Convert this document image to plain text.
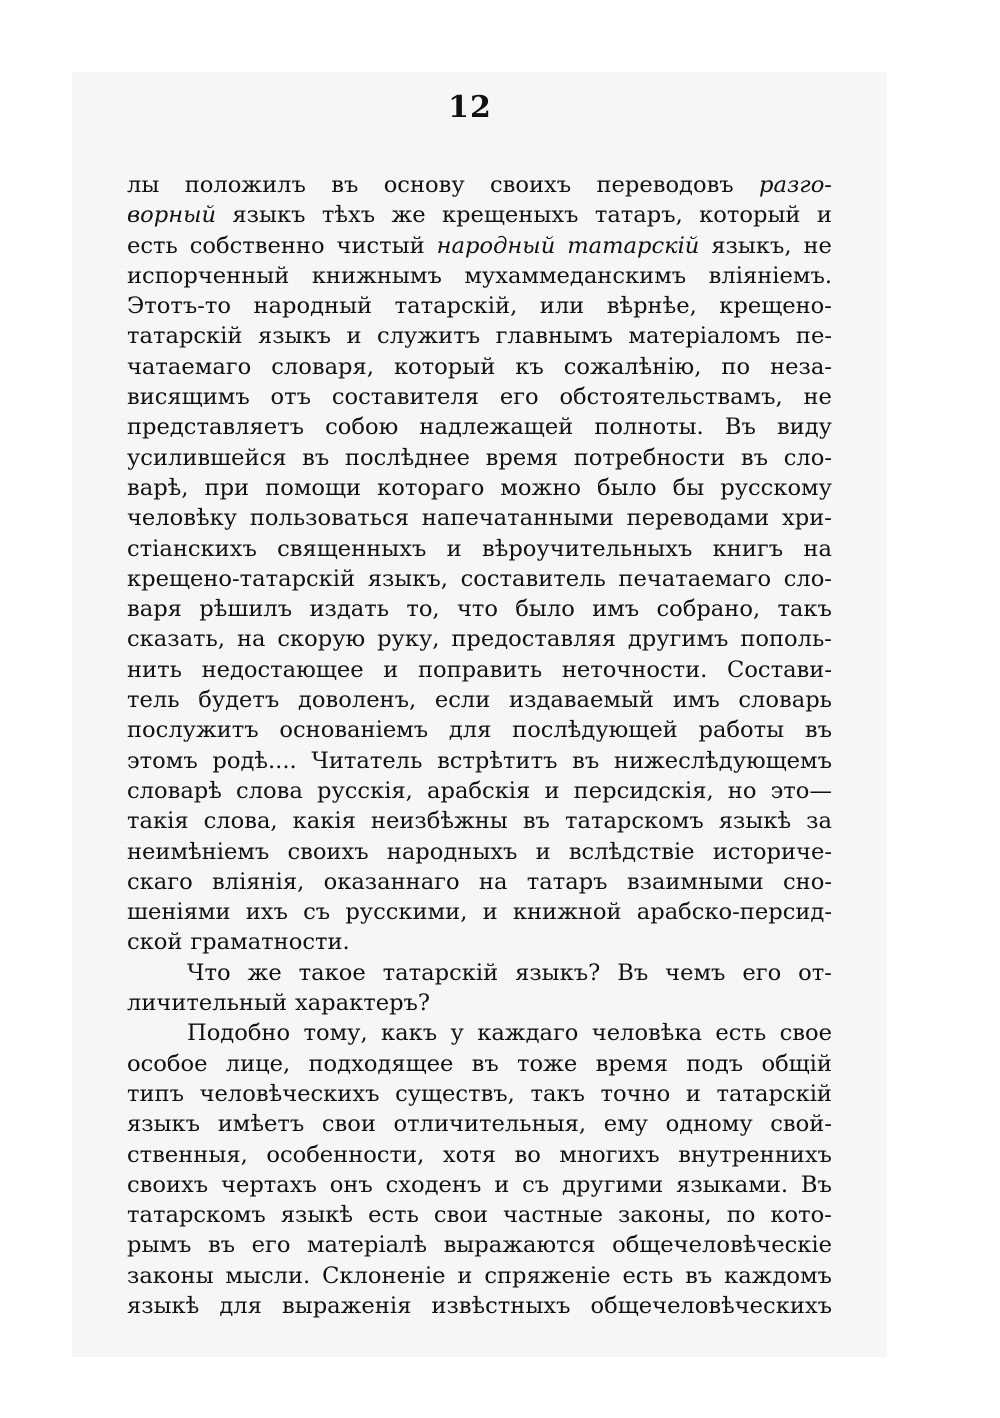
12
лы положилъ въ основу своихъ переводовъ разго-
ворный языкъ тѣхъ же крещеныхъ татаръ, который и
есть собственно чистый народный татарскій языкъ, не
испорченный книжнымъ мухаммеданскимъ вліяніемъ.
Этотъ-то народный татарскій, или вѣрнѣе, крещено-
татарскій языкъ и служитъ главнымъ матеріаломъ пе-
чатаемаго словаря, который къ сожалѣнію, по неза-
висящимъ отъ составителя его обстоятельствамъ, не
представляетъ собою надлежащей полноты. Въ виду
усилившейся въ послѣднее время потребности въ сло-
варѣ, при помощи котораго можно было бы русскому
человѣку пользоваться напечатанными переводами хри-
стіанскихъ священныхъ и вѣроучительныхъ книгъ на
крещено-татарскій языкъ, составитель печатаемаго сло-
варя рѣшилъ издать то, что было имъ собрано, такъ
сказать, на скорую руку, предоставляя другимъ пополь-
нить недостающее и поправить неточности. Состави-
тель будетъ доволенъ, если издаваемый имъ словарь
послужитъ основаніемъ для послѣдующей работы въ
этомъ родѣ.... Читатель встрѣтитъ въ нижеслѣдующемъ
словарѣ слова русскія, арабскія и персидскія, но это—
такія слова, какія неизбѣжны въ татарскомъ языкѣ за
неимѣніемъ своихъ народныхъ и вслѣдствіе историче-
скаго вліянія, оказаннаго на татаръ взаимными сно-
шеніями ихъ съ русскими, и книжной арабско-персид-
ской граматности.
Что же такое татарскій языкъ? Въ чемъ его от-
личительный характеръ?
Подобно тому, какъ у каждаго человѣка есть свое
особое лице, подходящее въ тоже время подъ общій
типъ человѣческихъ существъ, такъ точно и татарскій
языкъ имѣетъ свои отличительныя, ему одному свой-
ственныя, особенности, хотя во многихъ внутреннихъ
своихъ чертахъ онъ сходенъ и съ другими языками. Въ
татарскомъ языкѣ есть свои частные законы, по кото-
рымъ въ его матеріалѣ выражаются общечеловѣческіе
законы мысли. Склоненіе и спряженіе есть въ каждомъ
языкѣ для выраженія извѣстныхъ общечеловѣческихъ
